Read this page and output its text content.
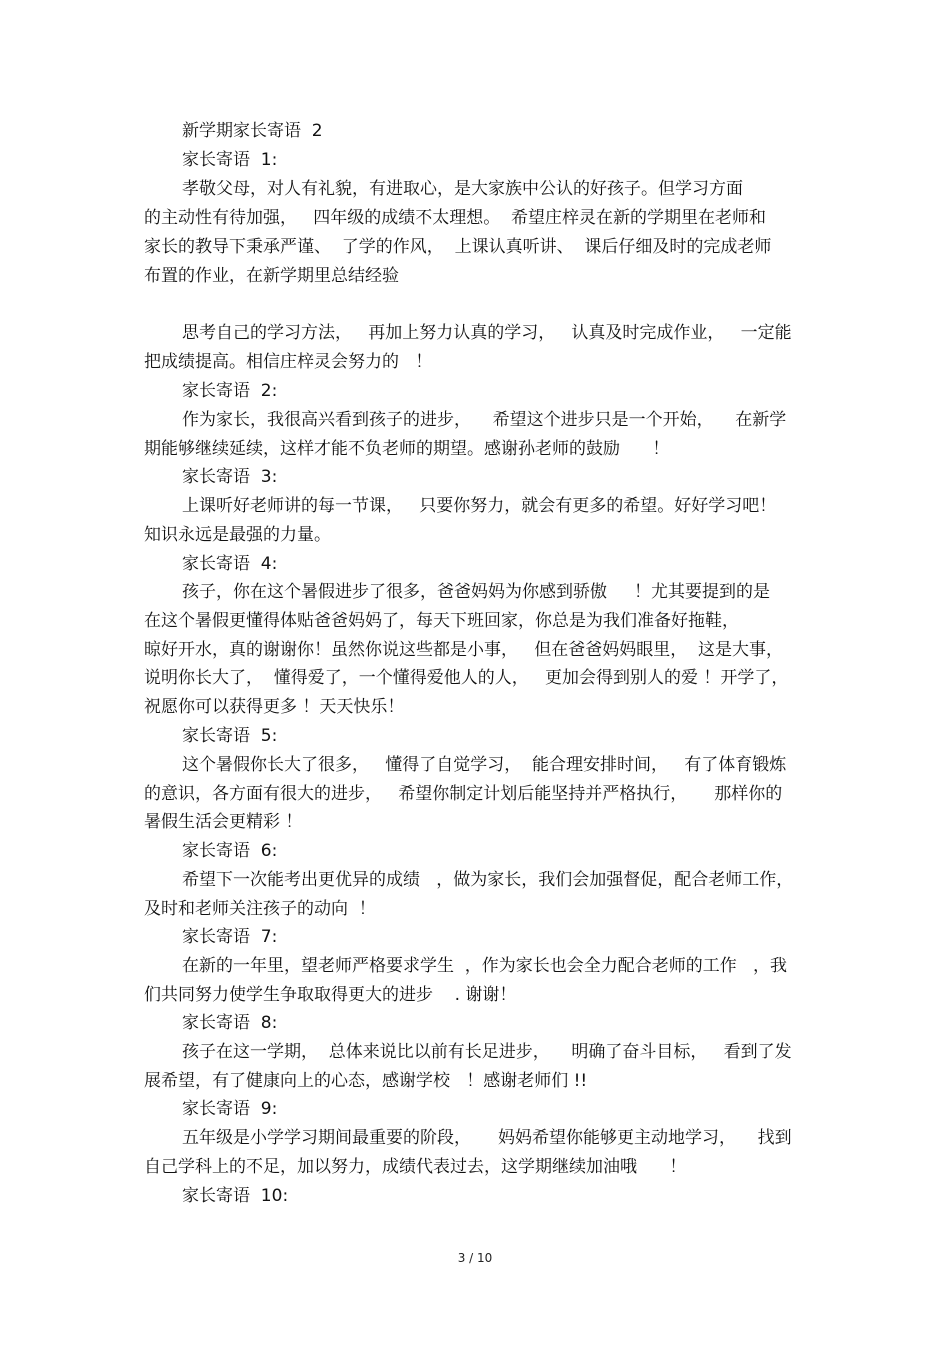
新学期家长寄语  2

家长寄语  1:

孝敬父母，对人有礼貌，有进取心，是大家族中公认的好孩子。但学习方面

的主动性有待加强，   四年级的成绩不太理想。  希望庄梓灵在新的学期里在老师和

家长的教导下秉承严谨、  了学的作风，  上课认真听讲、  课后仔细及时的完成老师

布置的作业，在新学期里总结经验

思考自己的学习方法，   再加上努力认真的学习，   认真及时完成作业，   一定能

把成绩提高。相信庄梓灵会努力的   ！

家长寄语  2:

作为家长，我很高兴看到孩子的进步，    希望这个进步只是一个开始，    在新学

期能够继续延续，这样才能不负老师的期望。感谢孙老师的鼓励      ！

家长寄语  3:

上课听好老师讲的每一节课，   只要你努力，就会有更多的希望。好好学习吧！

知识永远是最强的力量。

家长寄语  4:

孩子，你在这个暑假进步了很多，爸爸妈妈为你感到骄傲     ！尤其要提到的是

在这个暑假更懂得体贴爸爸妈妈了，每天下班回家，你总是为我们准备好拖鞋，

晾好开水，真的谢谢你！虽然你说这些都是小事，   但在爸爸妈妈眼里，  这是大事，

说明你长大了，  懂得爱了，一个懂得爱他人的人，   更加会得到别人的爱 ！开学了，

祝愿你可以获得更多 ！天天快乐！

家长寄语  5:

这个暑假你长大了很多，   懂得了自觉学习，  能合理安排时间，   有了体育锻炼

的意识，各方面有很大的进步，   希望你制定计划后能坚持并严格执行，     那样你的

暑假生活会更精彩 ！

家长寄语  6:

希望下一次能考出更优异的成绩   ，做为家长，我们会加强督促，配合老师工作，

及时和老师关注孩子的动向  ！

家长寄语  7:

在新的一年里，望老师严格要求学生  ，作为家长也会全力配合老师的工作   ，我

们共同努力使学生争取取得更大的进步    . 谢谢！

家长寄语  8:

孩子在这一学期，  总体来说比以前有长足进步，    明确了奋斗目标，   看到了发

展希望，有了健康向上的心态，感谢学校   ！感谢老师们 !!

家长寄语  9:

五年级是小学学习期间最重要的阶段，     妈妈希望你能够更主动地学习，    找到

自己学科上的不足，加以努力，成绩代表过去，这学期继续加油哦      ！

家长寄语  10:

3 / 10
